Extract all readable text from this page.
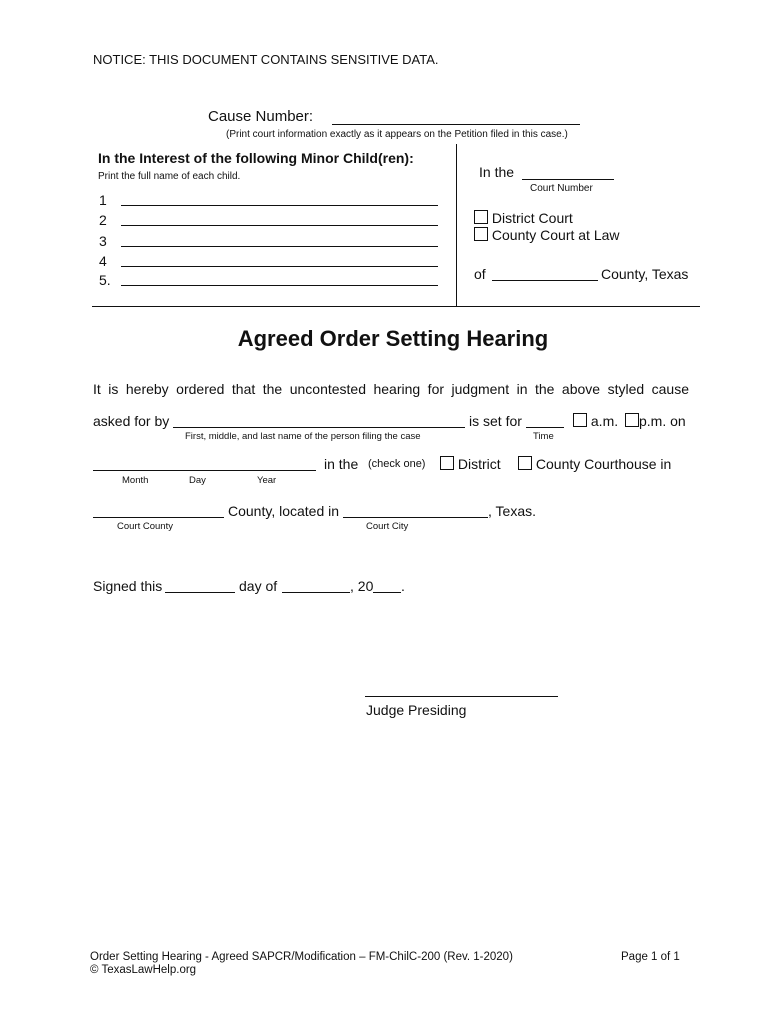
NOTICE: THIS DOCUMENT CONTAINS SENSITIVE DATA.
Cause Number:
(Print court information exactly as it appears on the Petition filed in this case.)
In the Interest of the following Minor Child(ren):
Print the full name of each child.
1
2
3
4
5.
In the
Court Number
District Court
County Court at Law
of	County, Texas
Agreed Order Setting Hearing
It is hereby ordered that the uncontested hearing for judgment in the above styled cause
asked for by	is set for	a.m.	p.m. on
First, middle, and last name of the person filing the case	Time
in the (check one)	District	County Courthouse in
Month	Day	Year
County, located in	, Texas.
Court County	Court City
Signed this	day of	, 20 .
Judge Presiding
Order Setting Hearing - Agreed SAPCR/Modification – FM-ChilC-200 (Rev. 1-2020)
© TexasLawHelp.org
Page 1 of 1
